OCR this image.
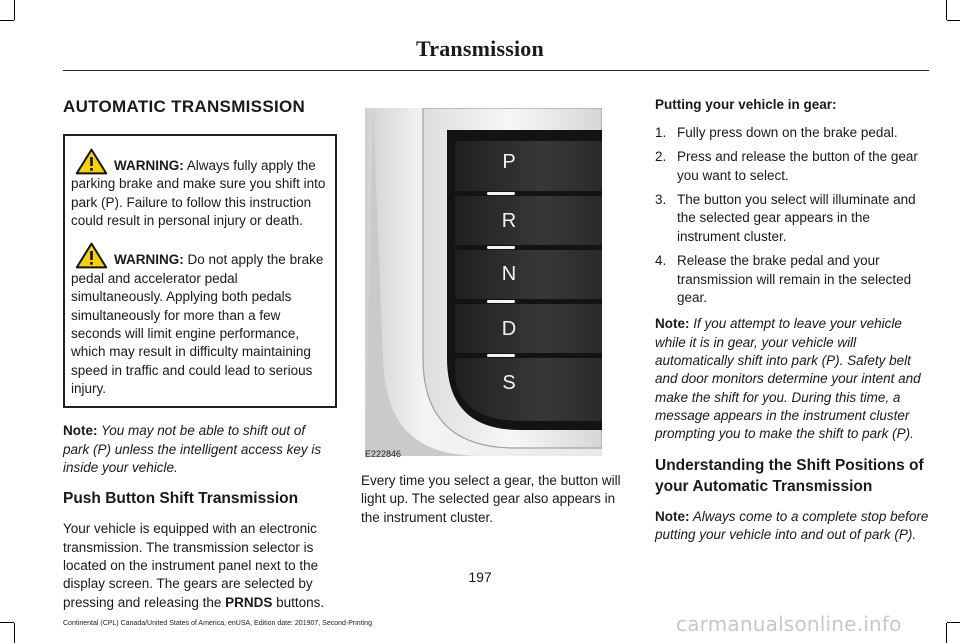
Transmission
AUTOMATIC TRANSMISSION

WARNING: Always fully apply the parking brake and make sure you shift into park (P). Failure to follow this instruction could result in personal injury or death.

WARNING: Do not apply the brake pedal and accelerator pedal simultaneously. Applying both pedals simultaneously for more than a few seconds will limit engine performance, which may result in difficulty maintaining speed in traffic and could lead to serious injury.

Note: You may not be able to shift out of park (P) unless the intelligent access key is inside your vehicle.

Push Button Shift Transmission

Your vehicle is equipped with an electronic transmission. The transmission selector is located on the instrument panel next to the display screen. The gears are selected by pressing and releasing the PRNDS buttons.

P
R
N
D
S
E222846
Every time you select a gear, the button will light up. The selected gear also appears in the instrument cluster.
Putting your vehicle in gear:
1. Fully press down on the brake pedal.
2. Press and release the button of the gear you want to select.
3. The button you select will illuminate and the selected gear appears in the instrument cluster.
4. Release the brake pedal and your transmission will remain in the selected gear.

Note: If you attempt to leave your vehicle while it is in gear, your vehicle will automatically shift into park (P). Safety belt and door monitors determine your intent and make the shift for you. During this time, a message appears in the instrument cluster prompting you to make the shift to park (P).

Understanding the Shift Positions of your Automatic Transmission

Note: Always come to a complete stop before putting your vehicle into and out of park (P).

197
Continental (CPL) Canada/United States of America, enUSA, Edition date: 201907, Second-Printing	carmanualsonline.info
